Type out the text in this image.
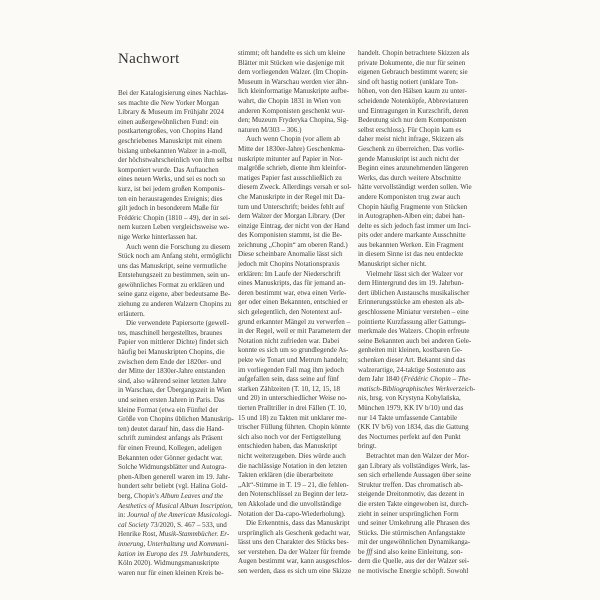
Nachwort
Bei der Katalogisierung eines Nachlas-
ses machte die New Yorker Morgan
Library & Museum im Frühjahr 2024
einen außergewöhnlichen Fund: ein
postkartengroßes, von Chopins Hand
geschriebenes Manuskript mit einem
bislang unbekannten Walzer in a-moll,
der höchstwahrscheinlich von ihm selbst
komponiert wurde. Das Auftauchen
eines neuen Werks, und sei es noch so
kurz, ist bei jedem großen Komponis-
ten ein herausragendes Ereignis; dies
gilt jedoch in besonderem Maße für
Frédéric Chopin (1810 – 49), der in sei-
nem kurzen Leben vergleichsweise we-
nige Werke hinterlassen hat.
Auch wenn die Forschung zu diesem
Stück noch am Anfang steht, ermöglicht
uns das Manuskript, seine vermutliche
Entstehungszeit zu bestimmen, sein un-
gewöhnliches Format zu erklären und
seine ganz eigene, aber bedeutsame Be-
ziehung zu anderen Walzern Chopins zu
erläutern.
Die verwendete Papiersorte (gewell-
tes, maschinell hergestelltes, braunes
Papier von mittlerer Dichte) findet sich
häufig bei Manuskripten Chopins, die
zwischen dem Ende der 1820er- und
der Mitte der 1830er-Jahre entstanden
sind, also während seiner letzten Jahre
in Warschau, der Übergangszeit in Wien
und seinen ersten Jahren in Paris. Das
kleine Format (etwa ein Fünftel der
Größe von Chopins üblichen Manuskrip-
ten) deutet darauf hin, dass die Hand-
schrift zumindest anfangs als Präsent
für einen Freund, Kollegen, adeligen
Bekannten oder Gönner gedacht war.
Solche Widmungsblätter und Autogra-
phen-Alben generell waren im 19. Jahr-
hundert sehr beliebt (vgl. Halina Gold-
berg, Chopin's Album Leaves and the
Aesthetics of Musical Album Inscription,
in: Journal of the American Musicologi-
cal Society 73/2020, S. 467 – 533, und
Henrike Rost, Musik-Stammbücher. Er-
innerung, Unterhaltung und Kommuni-
kation im Europa des 19. Jahrhunderts,
Köln 2020). Widmungsmanuskripte
waren nur für einen kleinen Kreis be-
stimmt; oft handelte es sich um kleine
Blätter mit Stücken wie dasjenige mit
dem vorliegenden Walzer. (Im Chopin-
Museum in Warschau werden vier ähn-
lich kleinformatige Manuskripte aufbe-
wahrt, die Chopin 1831 in Wien von
anderen Komponisten geschenkt wur-
den; Muzeum Fryderyka Chopina, Sig-
naturen M/303 – 306.)
Auch wenn Chopin (vor allem ab
Mitte der 1830er-Jahre) Geschenkma-
nuskripte mitunter auf Papier in Nor-
malgröße schrieb, diente ihm kleinfor-
matiges Papier fast ausschließlich zu
diesem Zweck. Allerdings versah er sol-
che Manuskripte in der Regel mit Da-
tum und Unterschrift; beides fehlt auf
dem Walzer der Morgan Library. (Der
einzige Eintrag, der nicht von der Hand
des Komponisten stammt, ist die Be-
zeichnung „Chopin“ am oberen Rand.)
Diese scheinbare Anomalie lässt sich
jedoch mit Chopins Notationspraxis
erklären: Im Laufe der Niederschrift
eines Manuskripts, das für jemand an-
deren bestimmt war, etwa einen Verle-
ger oder einen Bekannten, entschied er
sich gelegentlich, den Notentext auf-
grund erkannter Mängel zu verwerfen –
in der Regel, weil er mit Parametern der
Notation nicht zufrieden war. Dabei
konnte es sich um so grundlegende As-
pekte wie Tonart und Metrum handeln;
im vorliegenden Fall mag ihm jedoch
aufgefallen sein, dass seine auf fünf
starken Zählzeiten (T. 10, 12, 15, 18
und 20) in unterschiedlicher Weise no-
tierten Pralltriller in drei Fällen (T. 10,
15 und 18) zu Takten mit unklarer me-
trischer Füllung führten. Chopin könnte
sich also noch vor der Fertigstellung
entschieden haben, das Manuskript
nicht weiterzugeben. Dies würde auch
die nachlässige Notation in den letzten
Takten erklären (die überarbeitete
„Alt“-Stimme in T. 19 – 21, die fehlen-
den Notenschlüssel zu Beginn der letz-
ten Akkolade und die unvollständige
Notation der Da-capo-Wiederholung).
Die Erkenntnis, dass das Manuskript
ursprünglich als Geschenk gedacht war,
lässt uns den Charakter des Stücks bes-
ser verstehen. Da der Walzer für fremde
Augen bestimmt war, kann ausgeschlos-
sen werden, dass es sich um eine Skizze
handelt. Chopin betrachtete Skizzen als
private Dokumente, die nur für seinen
eigenen Gebrauch bestimmt waren; sie
sind oft hastig notiert (unklare Ton-
höhen, von den Hälsen kaum zu unter-
scheidende Notenköpfe, Abbreviaturen
und Eintragungen in Kurzschrift, deren
Bedeutung sich nur dem Komponisten
selbst erschloss). Für Chopin kam es
daher meist nicht infrage, Skizzen als
Geschenk zu überreichen. Das vorlie-
gende Manuskript ist auch nicht der
Beginn eines anzunehmenden längeren
Werks, das durch weitere Abschnitte
hätte vervollständigt werden sollen. Wie
andere Komponisten trug zwar auch
Chopin häufig Fragmente von Stücken
in Autographen-Alben ein; dabei han-
delte es sich jedoch fast immer um Inci-
pits oder andere markante Ausschnitte
aus bekannten Werken. Ein Fragment
in diesem Sinne ist das neu entdeckte
Manuskript sicher nicht.
Vielmehr lässt sich der Walzer vor
dem Hintergrund des im 19. Jahrhun-
dert üblichen Austauschs musikalischer
Erinnerungsstücke am ehesten als ab-
geschlossene Miniatur verstehen – eine
pointierte Kurzfassung aller Gattungs-
merkmale des Walzers. Chopin erfreute
seine Bekannten auch bei anderen Gele-
genheiten mit kleinen, kostbaren Ge-
schenken dieser Art. Bekannt sind das
walzerartige, 24-taktige Sostenuto aus
dem Jahr 1840 (Frédéric Chopin – The-
matisch-Bibliographisches Werkverzeich-
nis, hrsg. von Krystyna Kobylańska,
München 1979, KK IV b/10) und das
nur 14 Takte umfassende Cantabile
(KK IV b/6) von 1834, das die Gattung
des Nocturnes perfekt auf den Punkt
bringt.
Betrachtet man den Walzer der Mor-
gan Library als vollständiges Werk, las-
sen sich erhellende Aussagen über seine
Struktur treffen. Das chromatisch ab-
steigende Dreitonmotiv, das dezent in
die ersten Takte eingewoben ist, durch-
zieht in seiner ursprünglichen Form
und seiner Umkehrung alle Phrasen des
Stücks. Die stürmischen Anfangstakte
mit der ungewöhnlichen Dynamikanga-
be fff sind also keine Einleitung, son-
dern die Quelle, aus der der Walzer sei-
ne motivische Energie schöpft. Sowohl
